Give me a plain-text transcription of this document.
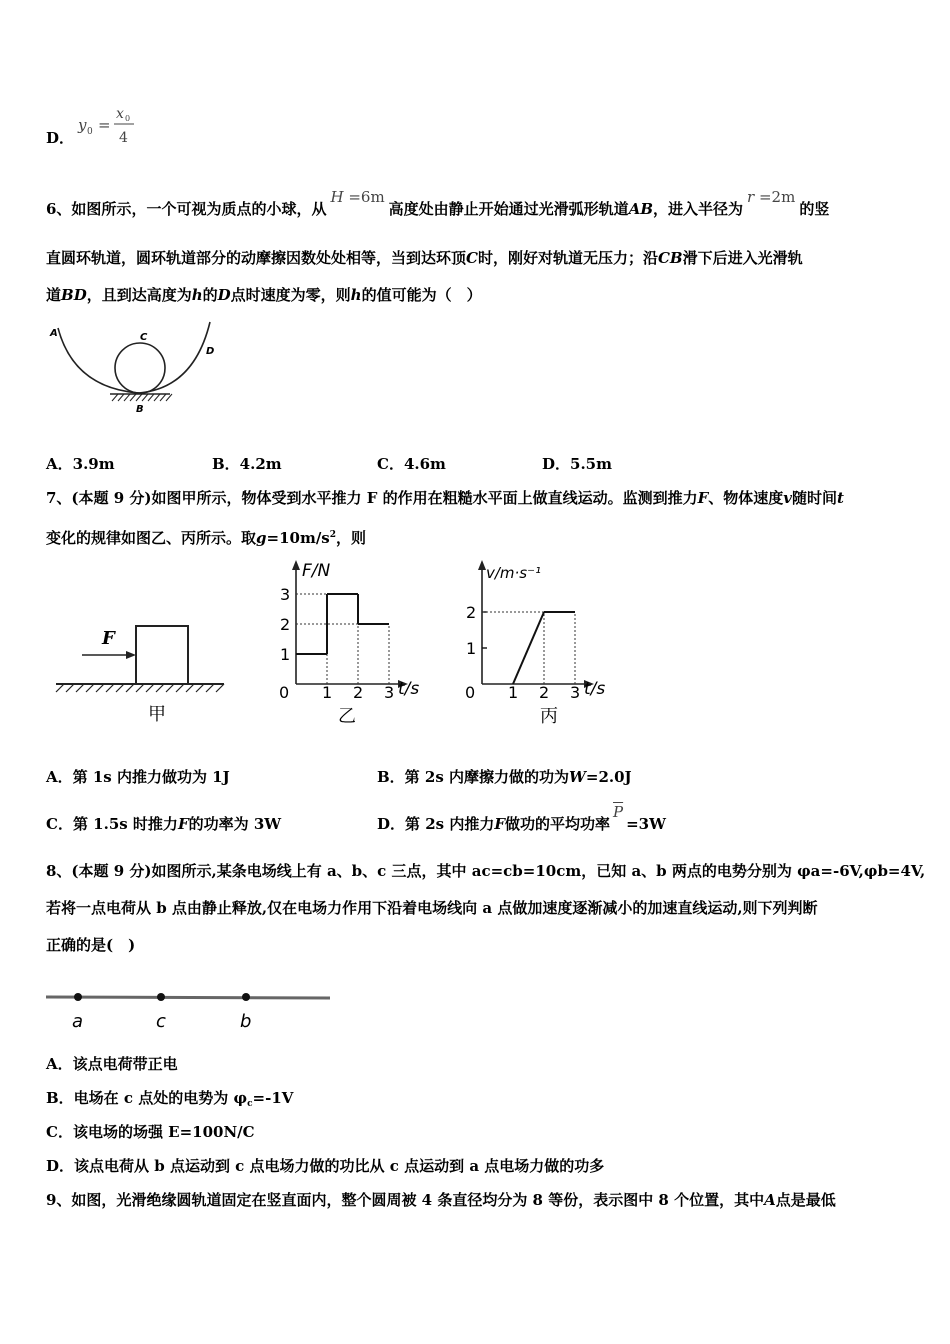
D．
y 0 =
x 0
4
6、如图所示，一个可视为质点的小球，从H =6m高度处由静止开始通过光滑弧形轨道AB，进入半径为r =2m的竖
直圆环轨道，圆环轨道部分的动摩擦因数处处相等，当到达环顶C时，刚好对轨道无压力；沿CB滑下后进入光滑轨
道BD，且到达高度为h的D点时速度为零，则h的值可能为（　）
A	C
D
B
A．3.9m	B．4.2m	C．4.6m	D．5.5m
7、(本题 9 分)如图甲所示，物体受到水平推力 F 的作用在粗糙水平面上做直线运动。监测到推力F、物体速度v随时间t
变化的规律如图乙、丙所示。取$g=10m/s^2$，则
F
甲
F/N
t/s
0 1 2 3
1
2
3
乙
v/m·s⁻¹
t/s
0 1 2 3
1
2
丙
A．第 1s 内推力做功为 1J	B．第 2s 内摩擦力做的功为W=2.0J
C．第 1.5s 时推力F的功率为 3W	D．第 2s 内推力F做功的平均功率$\overline{P}=3W$
8、(本题 9 分)如图所示,某条电场线上有 a、b、c 三点，其中 ac=cb=10cm，已知 a、b 两点的电势分别为 φa=-6V,φb=4V,
若将一点电荷从 b 点由静止释放,仅在电场力作用下沿着电场线向 a 点做加速度逐渐减小的加速直线运动,则下列判断
正确的是(　)
a	c	b
A．该点电荷带正电
B．电场在 c 点处的电势为 $\varphi_c=-1V$
C．该电场的场强 E=100N/C
D．该点电荷从 b 点运动到 c 点电场力做的功比从 c 点运动到 a 点电场力做的功多
9、如图，光滑绝缘圆轨道固定在竖直面内，整个圆周被 4 条直径均分为 8 等份，表示图中 8 个位置，其中A点是最低
